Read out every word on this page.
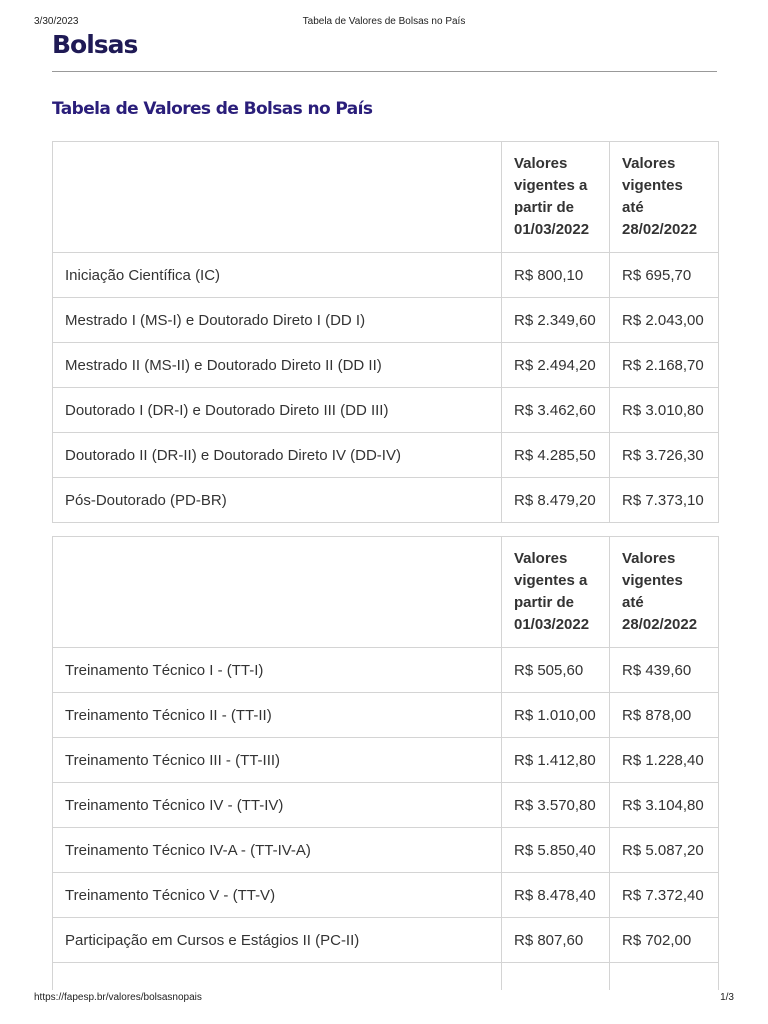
3/30/2023	Tabela de Valores de Bolsas no País
Bolsas
Tabela de Valores de Bolsas no País
	Valores vigentes a partir de 01/03/2022	Valores vigentes até 28/02/2022
Iniciação Científica (IC)	R$ 800,10	R$ 695,70
Mestrado I (MS-I) e Doutorado Direto I (DD I)	R$ 2.349,60	R$ 2.043,00
Mestrado II (MS-II) e Doutorado Direto II (DD II)	R$ 2.494,20	R$ 2.168,70
Doutorado I (DR-I) e Doutorado Direto III (DD III)	R$ 3.462,60	R$ 3.010,80
Doutorado II (DR-II) e Doutorado Direto IV (DD-IV)	R$ 4.285,50	R$ 3.726,30
Pós-Doutorado (PD-BR)	R$ 8.479,20	R$ 7.373,10
	Valores vigentes a partir de 01/03/2022	Valores vigentes até 28/02/2022
Treinamento Técnico I - (TT-I)	R$ 505,60	R$ 439,60
Treinamento Técnico II - (TT-II)	R$ 1.010,00	R$ 878,00
Treinamento Técnico III - (TT-III)	R$ 1.412,80	R$ 1.228,40
Treinamento Técnico IV - (TT-IV)	R$ 3.570,80	R$ 3.104,80
Treinamento Técnico IV-A - (TT-IV-A)	R$ 5.850,40	R$ 5.087,20
Treinamento Técnico V - (TT-V)	R$ 8.478,40	R$ 7.372,40
Participação em Cursos e Estágios II (PC-II)	R$ 807,60	R$ 702,00

https://fapesp.br/valores/bolsasnopais	1/3
